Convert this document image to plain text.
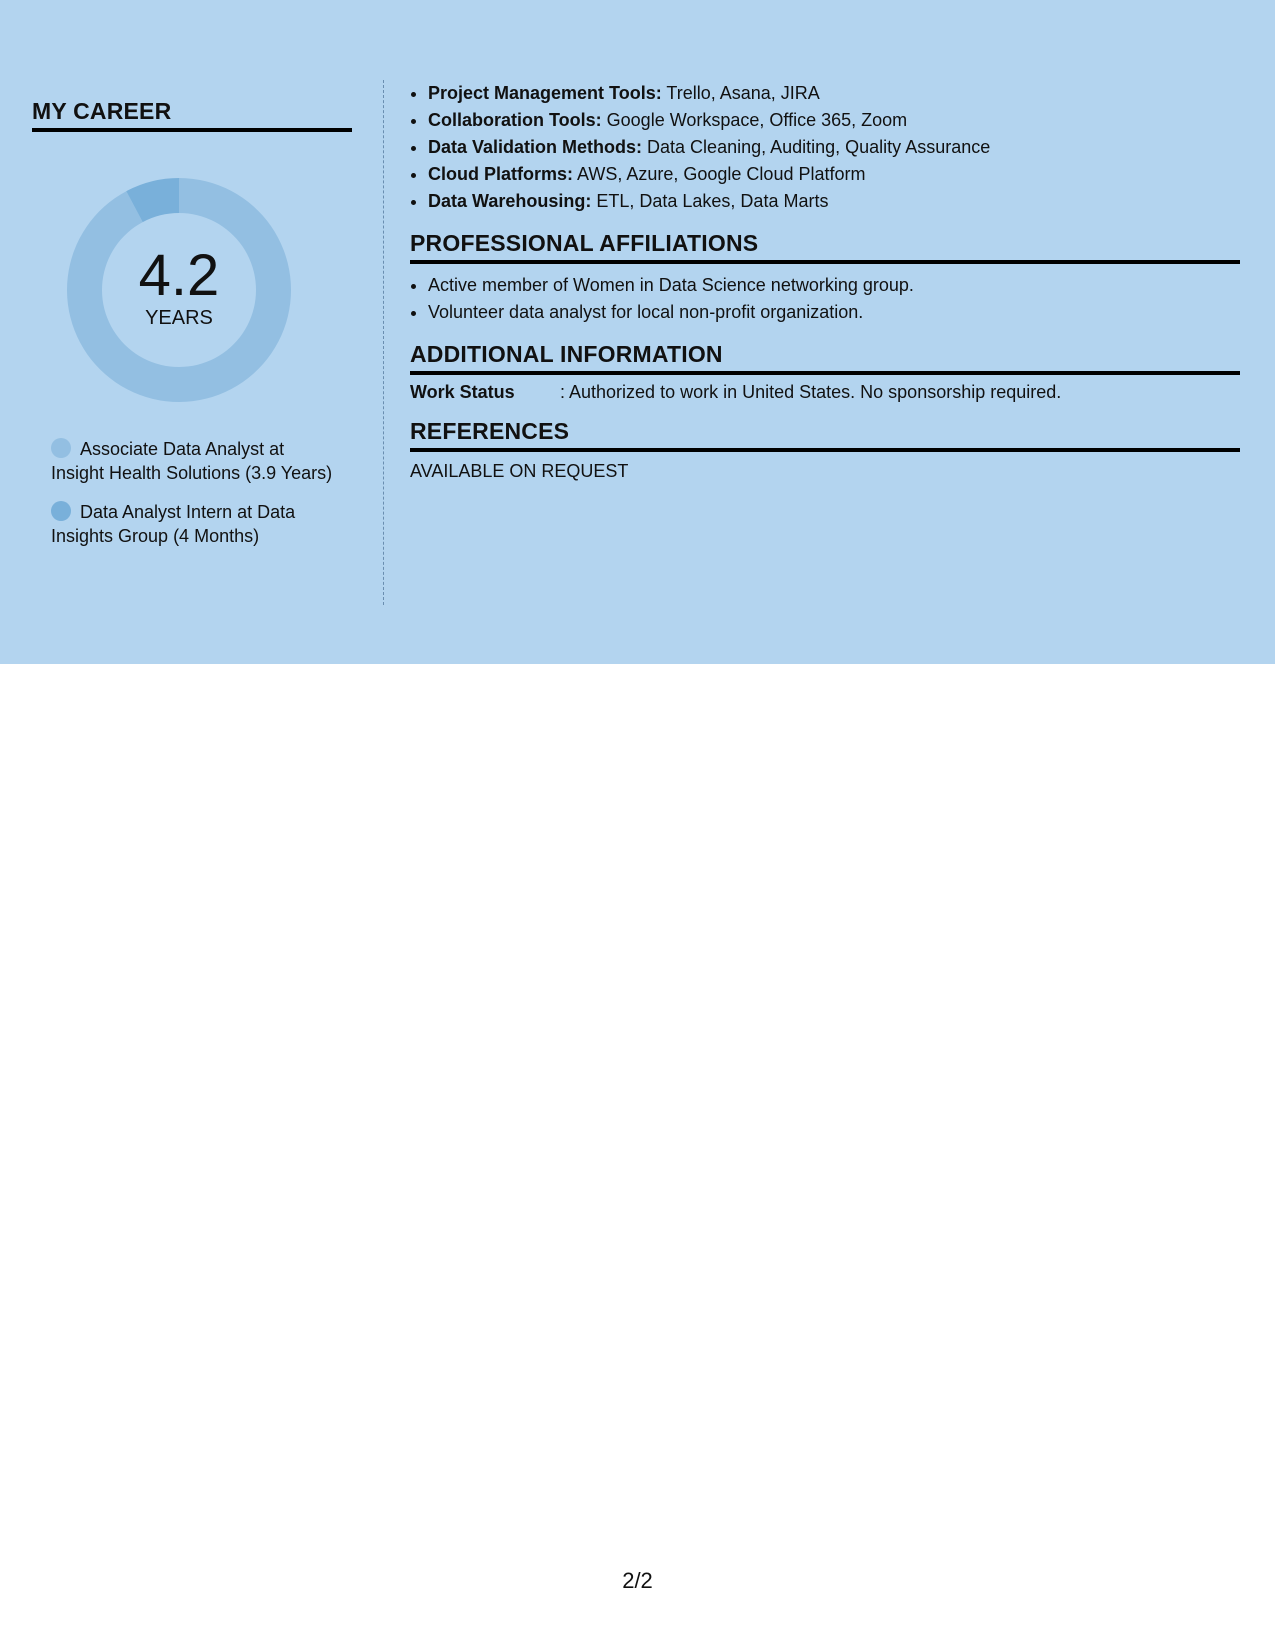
MY CAREER
4.2
YEARS
Associate Data Analyst at Insight Health Solutions (3.9 Years)
Data Analyst Intern at Data Insights Group (4 Months)
• Project Management Tools: Trello, Asana, JIRA
• Collaboration Tools: Google Workspace, Office 365, Zoom
• Data Validation Methods: Data Cleaning, Auditing, Quality Assurance
• Cloud Platforms: AWS, Azure, Google Cloud Platform
• Data Warehousing: ETL, Data Lakes, Data Marts
PROFESSIONAL AFFILIATIONS
• Active member of Women in Data Science networking group.
• Volunteer data analyst for local non-profit organization.
ADDITIONAL INFORMATION
Work Status	: Authorized to work in United States. No sponsorship required.
REFERENCES
AVAILABLE ON REQUEST
2/2
